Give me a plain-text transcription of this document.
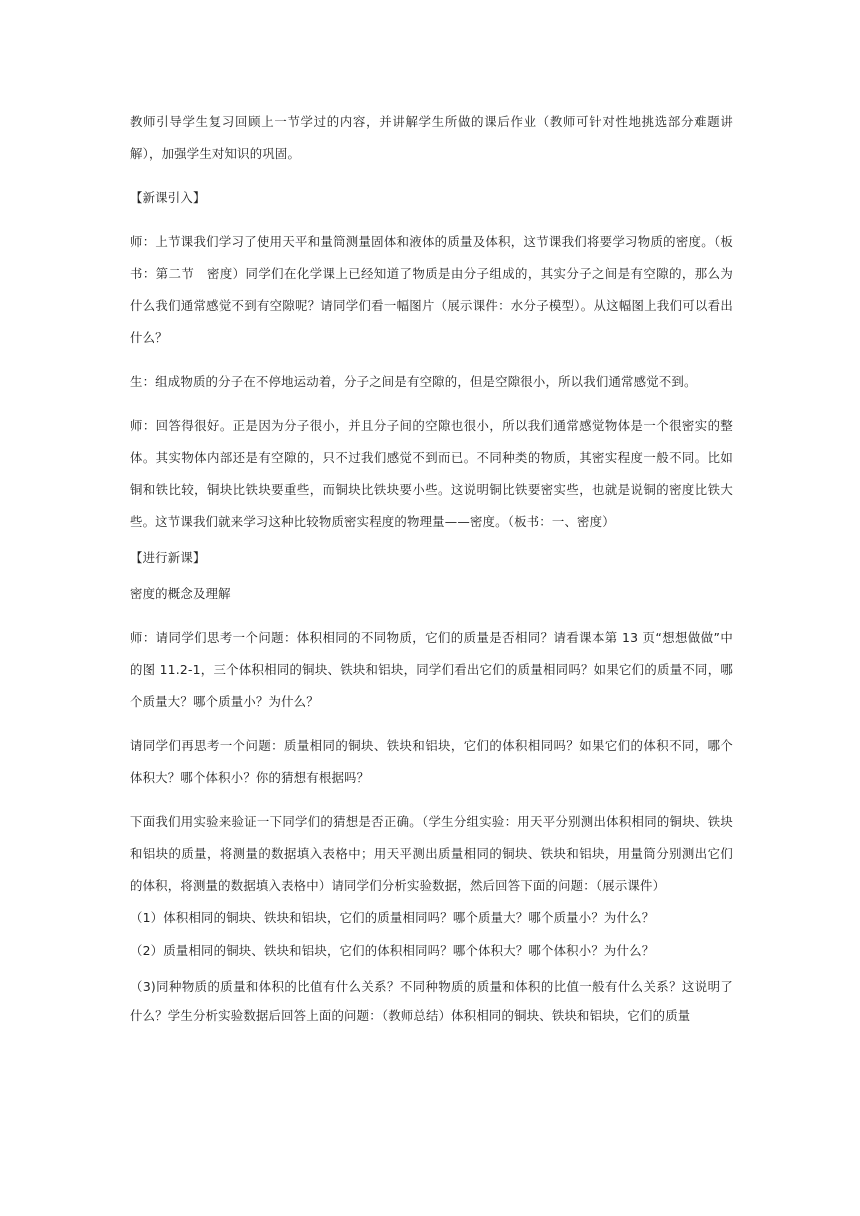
教师引导学生复习回顾上一节学过的内容，并讲解学生所做的课后作业（教师可针对性地挑选部分难题讲解），加强学生对知识的巩固。

【新课引入】

师：上节课我们学习了使用天平和量筒测量固体和液体的质量及体积，这节课我们将要学习物质的密度。（板书：第二节　密度）同学们在化学课上已经知道了物质是由分子组成的，其实分子之间是有空隙的，那么为什么我们通常感觉不到有空隙呢？请同学们看一幅图片（展示课件：水分子模型）。从这幅图上我们可以看出什么？

生：组成物质的分子在不停地运动着，分子之间是有空隙的，但是空隙很小，所以我们通常感觉不到。

师：回答得很好。正是因为分子很小，并且分子间的空隙也很小，所以我们通常感觉物体是一个很密实的整体。其实物体内部还是有空隙的，只不过我们感觉不到而已。不同种类的物质，其密实程度一般不同。比如铜和铁比较，铜块比铁块要重些，而铜块比铁块要小些。这说明铜比铁要密实些，也就是说铜的密度比铁大些。这节课我们就来学习这种比较物质密实程度的物理量——密度。（板书：一、密度）

【进行新课】

密度的概念及理解

师：请同学们思考一个问题：体积相同的不同物质，它们的质量是否相同？请看课本第 13 页“想想做做”中的图 11.2-1，三个体积相同的铜块、铁块和铝块，同学们看出它们的质量相同吗？如果它们的质量不同，哪个质量大？哪个质量小？为什么？

请同学们再思考一个问题：质量相同的铜块、铁块和铝块，它们的体积相同吗？如果它们的体积不同，哪个体积大？哪个体积小？你的猜想有根据吗？

下面我们用实验来验证一下同学们的猜想是否正确。（学生分组实验：用天平分别测出体积相同的铜块、铁块和铝块的质量，将测量的数据填入表格中；用天平测出质量相同的铜块、铁块和铝块，用量筒分别测出它们的体积，将测量的数据填入表格中）请同学们分析实验数据，然后回答下面的问题：（展示课件）

（1）体积相同的铜块、铁块和铝块，它们的质量相同吗？哪个质量大？哪个质量小？为什么？

（2）质量相同的铜块、铁块和铝块，它们的体积相同吗？哪个体积大？哪个体积小？为什么？

（3)同种物质的质量和体积的比值有什么关系？不同种物质的质量和体积的比值一般有什么关系？这说明了什么？学生分析实验数据后回答上面的问题：（教师总结）体积相同的铜块、铁块和铝块，它们的质量
